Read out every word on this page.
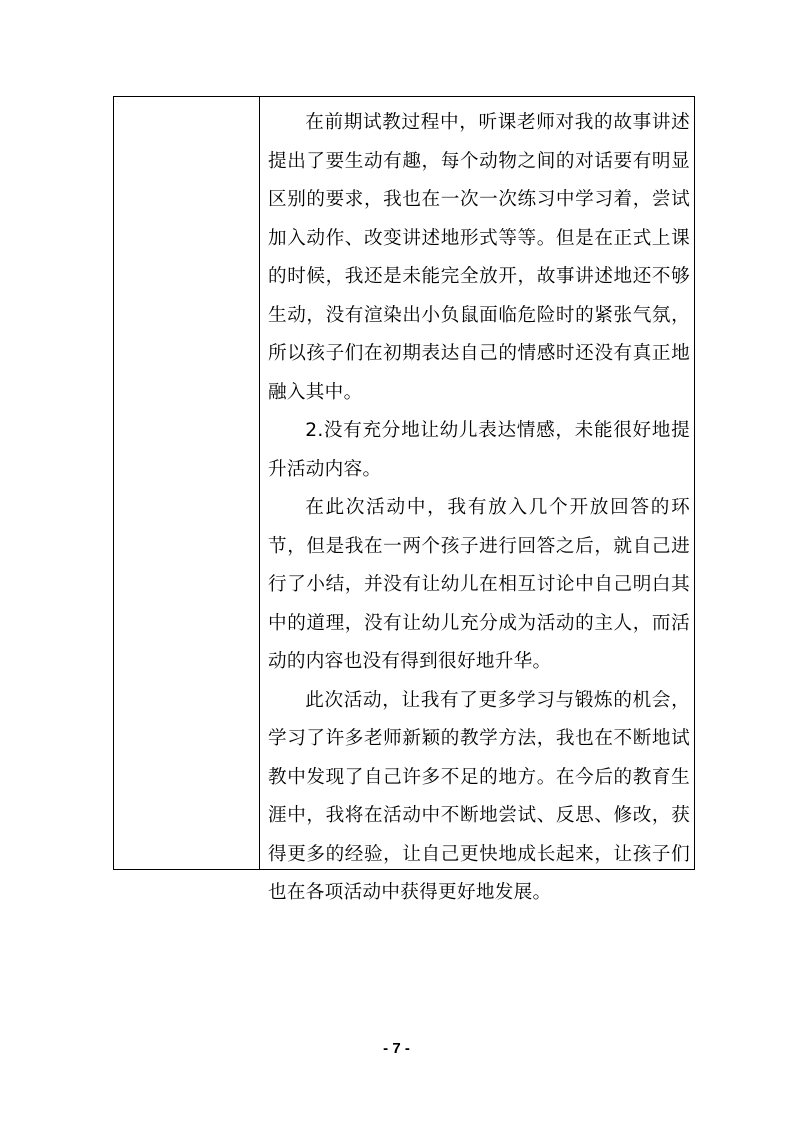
在前期试教过程中，听课老师对我的故事讲述提出了要生动有趣，每个动物之间的对话要有明显区别的要求，我也在一次一次练习中学习着，尝试加入动作、改变讲述地形式等等。但是在正式上课的时候，我还是未能完全放开，故事讲述地还不够生动，没有渲染出小负鼠面临危险时的紧张气氛，所以孩子们在初期表达自己的情感时还没有真正地融入其中。

2.没有充分地让幼儿表达情感，未能很好地提升活动内容。

在此次活动中，我有放入几个开放回答的环节，但是我在一两个孩子进行回答之后，就自己进行了小结，并没有让幼儿在相互讨论中自己明白其中的道理，没有让幼儿充分成为活动的主人，而活动的内容也没有得到很好地升华。

此次活动，让我有了更多学习与锻炼的机会，学习了许多老师新颖的教学方法，我也在不断地试教中发现了自己许多不足的地方。在今后的教育生涯中，我将在活动中不断地尝试、反思、修改，获得更多的经验，让自己更快地成长起来，让孩子们也在各项活动中获得更好地发展。

- 7 -
